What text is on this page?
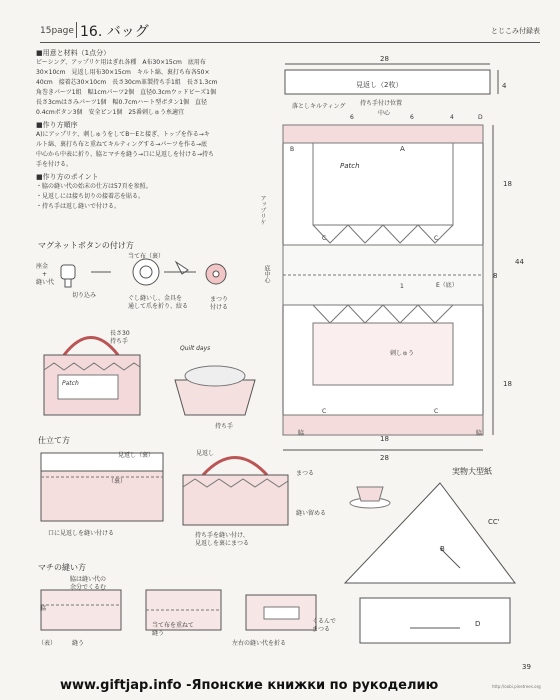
15page 16. バッグ	とじこみ付録表
■用意と材料（1点分）
ピーシング、アップリケ用はぎれ各種　A布30×15cm　底用布
30×10cm　見返し用布30×15cm　キルト綿、裏打ち布各50×
40cm　接着芯30×10cm　長さ30cm革製持ち手1組　長さ1.3cm
角巻きパーツ1組　幅1cmパーツ2個　直径0.3cmウッドビーズ1個
長さ3cmはさみパーツ1個　幅0.7cmハート型ボタン1個　直径
0.4cmボタン3個　安全ピン1個　25番刺しゅう糸適宜
■作り方順序
A)にアップリケ、刺しゅうをしてB〜Eと接ぎ、トップを作る→キ
ルト綿、裏打ち布と重ねてキルティングする→パーツを作る→底
中心から中表に折り、脇とマチを縫う→口に見返しを付ける→持ち
手を付ける。
■作り方のポイント
・脇の縫い代の始末の仕方は57頁を参照。
・見返しには接ち切りの接着芯を貼る。
・持ち手は返し縫いで付ける。
マグネットボタンの付け方
座金
+
縫い代
切り込み
当て布（裏）
ぐし縫いし、金具を
通して爪を折り、絞る
まつり
付ける
長さ30
持ち手
Patch
Quilt days
持ち手
仕立て方
（裏）
見返し（裏）
口に見返しを縫い付ける
見返し
まつる
縫い留める
持ち手を縫い付け、
見返しを裏にまつる
マチの縫い方
脇は縫い代の
余分でくるむ
脇
（表）	縫う
当て布を重ねて
縫う
左右の縫い代を折る
くるんで
まつる
28
見返し（2枚）	4
落としキルティング 持ち手付け位置
中心
6	6	4	D
B	A
Patch
C	C
C	C
アップリケ
18
44
8
18
底中心
E（底）
1
刺しゅう
脇	脇
18
28
実物大型紙
B
CC'
D
39
www.giftjap.info -Японские книжки по рукоделию	http://oobi.pinetrees.org
